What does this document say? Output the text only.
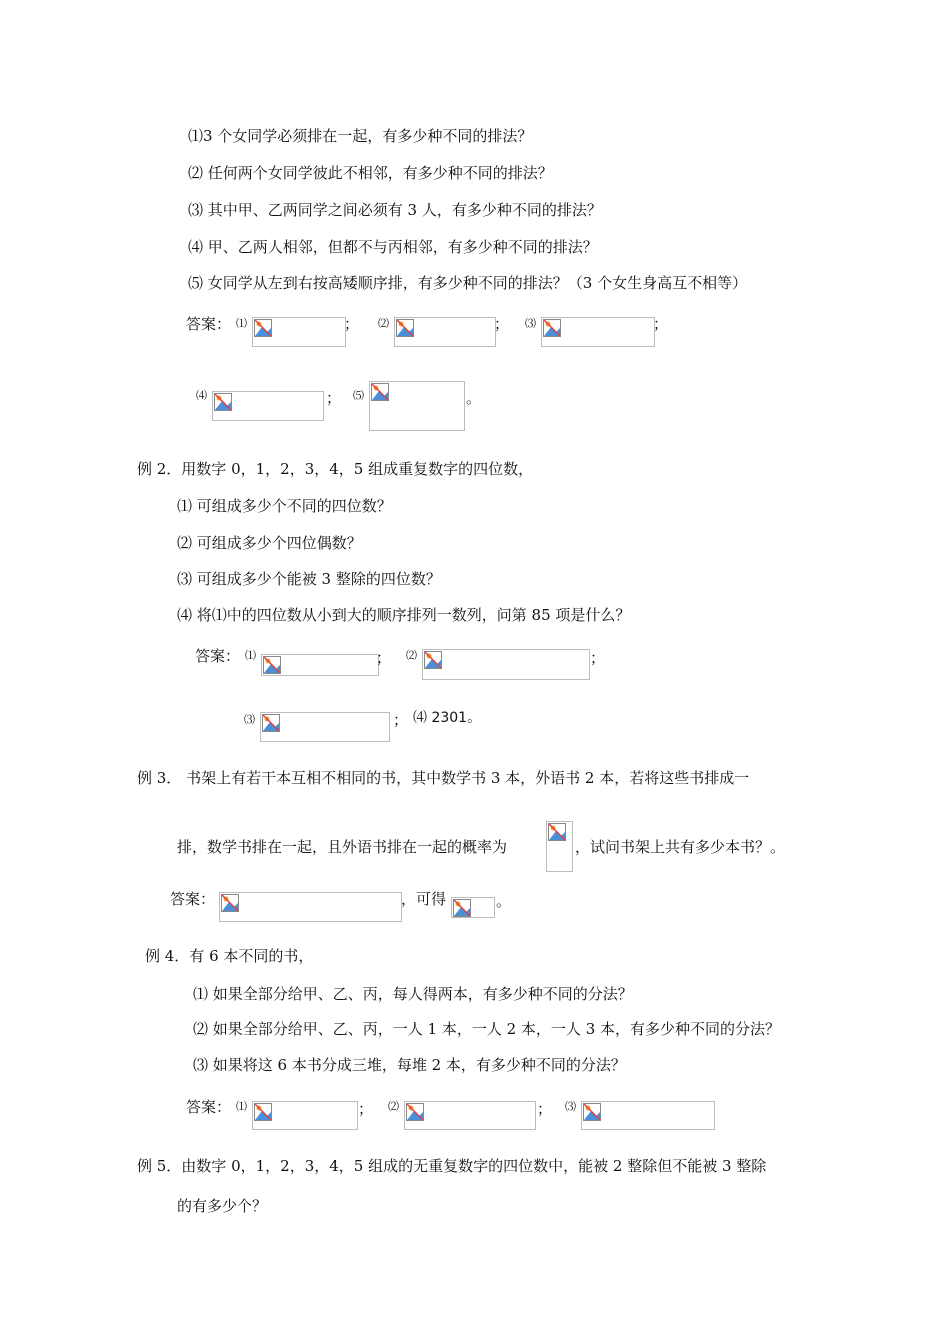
⑴3 个女同学必须排在一起，有多少种不同的排法？
⑵ 任何两个女同学彼此不相邻，有多少种不同的排法？
⑶ 其中甲、乙两同学之间必须有 3 人，有多少种不同的排法？
⑷ 甲、乙两人相邻，但都不与丙相邻，有多少种不同的排法？
⑸ 女同学从左到右按高矮顺序排，有多少种不同的排法？（3 个女生身高互不相等）
答案： ⑴	； ⑵	； ⑶	；
⑷	； ⑸	。
例 2．用数字 0，1，2，3，4，5 组成重复数字的四位数，
⑴ 可组成多少个不同的四位数？
⑵ 可组成多少个四位偶数？
⑶ 可组成多少个能被 3 整除的四位数？
⑷ 将⑴中的四位数从小到大的顺序排列一数列，问第 85 项是什么？
答案： ⑴	； ⑵	；
⑶	； ⑷ 2301。
例 3． 书架上有若干本互相不相同的书，其中数学书 3 本，外语书 2 本，若将这些书排成一
排，数学书排在一起，且外语书排在一起的概率为	，试问书架上共有多少本书？。
答案：	，可得	。
例 4．有 6 本不同的书，
⑴ 如果全部分给甲、乙、丙，每人得两本，有多少种不同的分法？
⑵ 如果全部分给甲、乙、丙，一人 1 本，一人 2 本，一人 3 本，有多少种不同的分法？
⑶ 如果将这 6 本书分成三堆，每堆 2 本，有多少种不同的分法？
答案： ⑴	； ⑵	； ⑶
例 5．由数字 0，1，2，3，4，5 组成的无重复数字的四位数中，能被 2 整除但不能被 3 整除
的有多少个？
